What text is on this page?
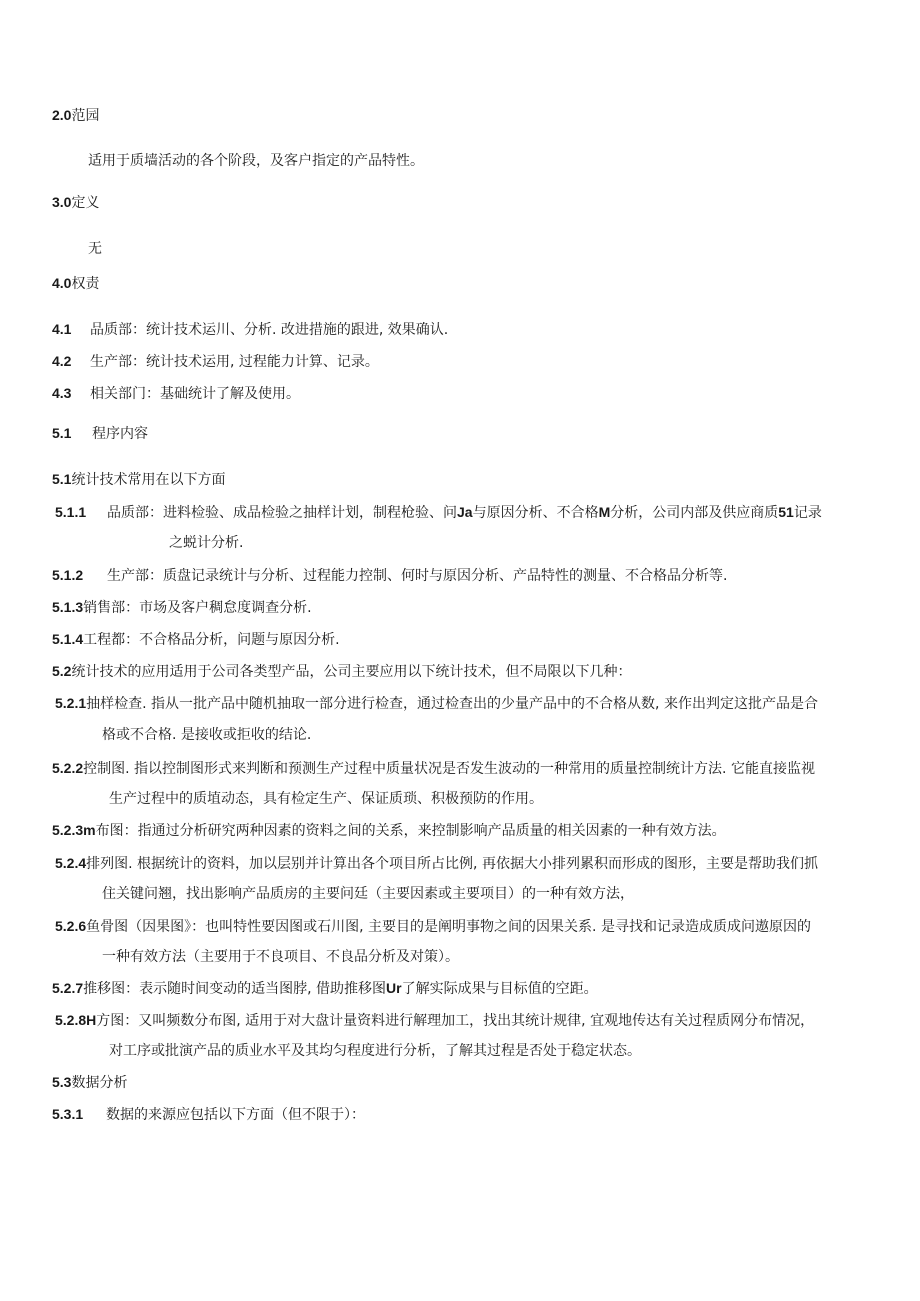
2.0范园
适用于质墙活动的各个阶段，及客户指定的产品特性。
3.0定义
无
4.0权责
4.1 品质部：统计技术运川、分析. 改进措施的跟进, 效果确认.
4.2 生产部：统计技术运用, 过程能力计算、记录。
4.3 相关部门：基础统计了解及使用。
5.1 程序内容
5.1统计技术常用在以下方面
5.1.1 品质部：进料检验、成品检验之抽样计划，制程枪验、问Ja与原因分析、不合格M分析，公司内部及供应商质51记录
之蜕计分析.
5.1.2 生产部：质盘记录统计与分析、过程能力控制、何时与原因分析、产品特性的测量、不合格品分析等.
5.1.3销售部：市场及客户稠怠度调查分析.
5.1.4工程都：不合格品分析，问题与原因分析.
5.2统计技术的应用适用于公司各类型产品，公司主要应用以下统计技术，但不局限以下几种：
5.2.1抽样检查. 指从一批产品中随机抽取一部分进行检查，通过检查出的少量产品中的不合格从数, 来作出判定这批产品是合
格或不合格. 是接收或拒收的结论.
5.2.2控制图. 指以控制图形式来判断和预测生产过程中质量状况是否发生波动的一种常用的质量控制统计方法. 它能直接监视
生产过程中的质埴动态，具有检定生产、保证质琐、积极预防的作用。
5.2.3m布图：指通过分析研究两种因素的资料之间的关系，来控制影响产品质量的相关因素的一种有效方法。
5.2.4排列图. 根据统计的资料，加以层别并计算出各个项目所占比例, 再依据大小排列累积而形成的图形，主要是帮助我们抓
住关键问翘，找出影响产品质房的主要问廷（主要因素或主要项目）的一种有效方法，
5.2.6鱼骨图（因果图》：也叫特性要因图或石川图, 主要目的是阐明事物之间的因果关系. 是寻找和记录造成质成问遨原因的
一种有效方法（主要用于不良项目、不良品分析及对策）。
5.2.7推移图：表示随时间变动的适当图脖, 借助推移图Ur了解实际成果与目标值的空距。
5.2.8H方图：又叫频数分布图, 适用于对大盘计量资料进行解理加工，找出其统计规律, 宜观地传达有关过程质网分布情况，
对工序或批演产品的质业水平及其均匀程度进行分析，了解其过程是否处于稳定状态。
5.3数据分析
5.3.1 数据的来源应包括以下方面（但不限于）：
